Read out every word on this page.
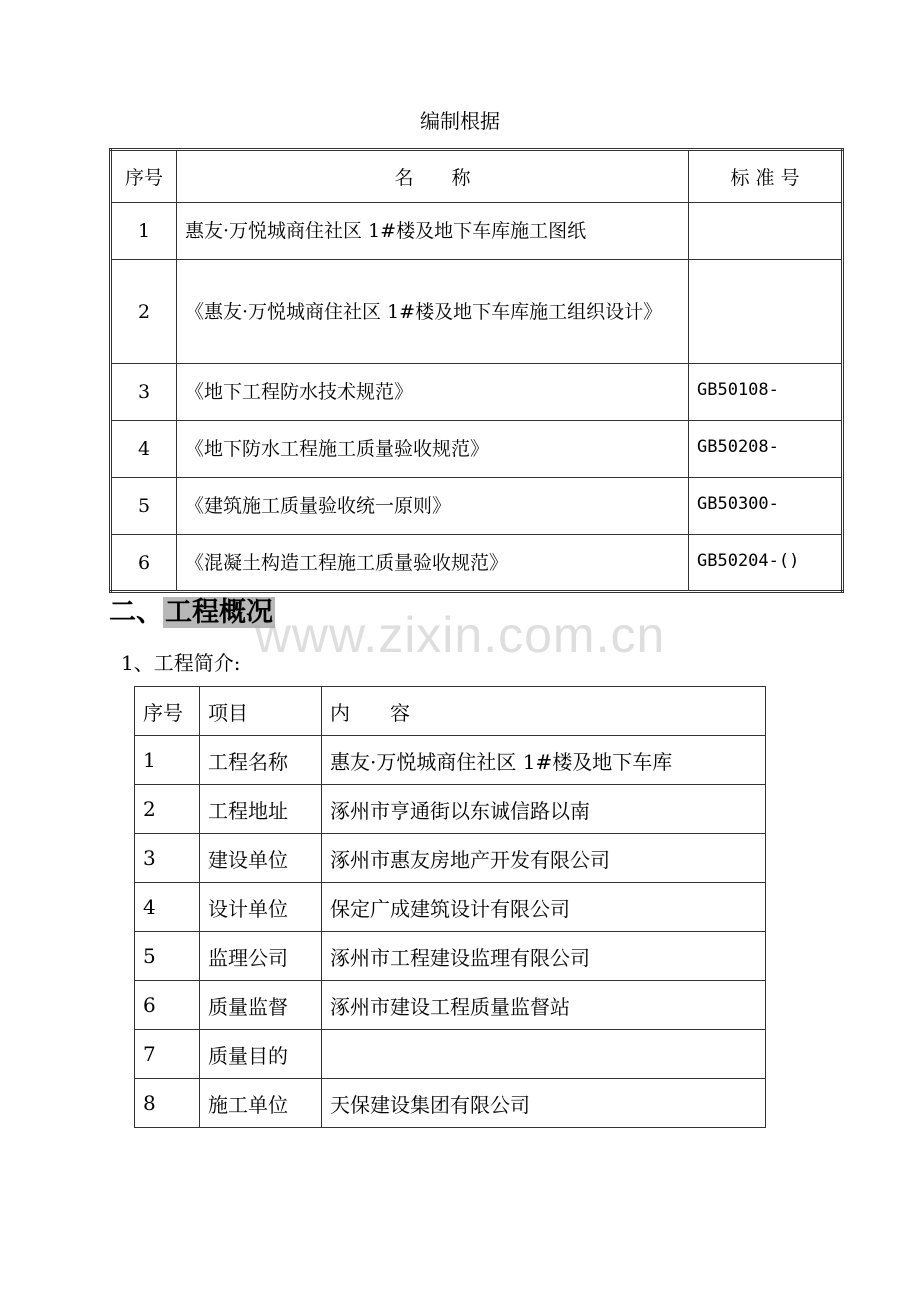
编制根据
序号	名　　称	标 准 号
1	惠友·万悦城商住社区 1#楼及地下车库施工图纸	
2	《惠友·万悦城商住社区 1#楼及地下车库施工组织设计》	
3	《地下工程防水技术规范》	GB50108-
4	《地下防水工程施工质量验收规范》	GB50208-
5	《建筑施工质量验收统一原则》	GB50300-
6	《混凝土构造工程施工质量验收规范》	GB50204-()
二、工程概况
www.zixin.com.cn
1、工程简介:
序号	项目	内　　容
1	工程名称	惠友·万悦城商住社区 1#楼及地下车库
2	工程地址	涿州市亨通街以东诚信路以南
3	建设单位	涿州市惠友房地产开发有限公司
4	设计单位	保定广成建筑设计有限公司
5	监理公司	涿州市工程建设监理有限公司
6	质量监督	涿州市建设工程质量监督站
7	质量目的	
8	施工单位	天保建设集团有限公司
